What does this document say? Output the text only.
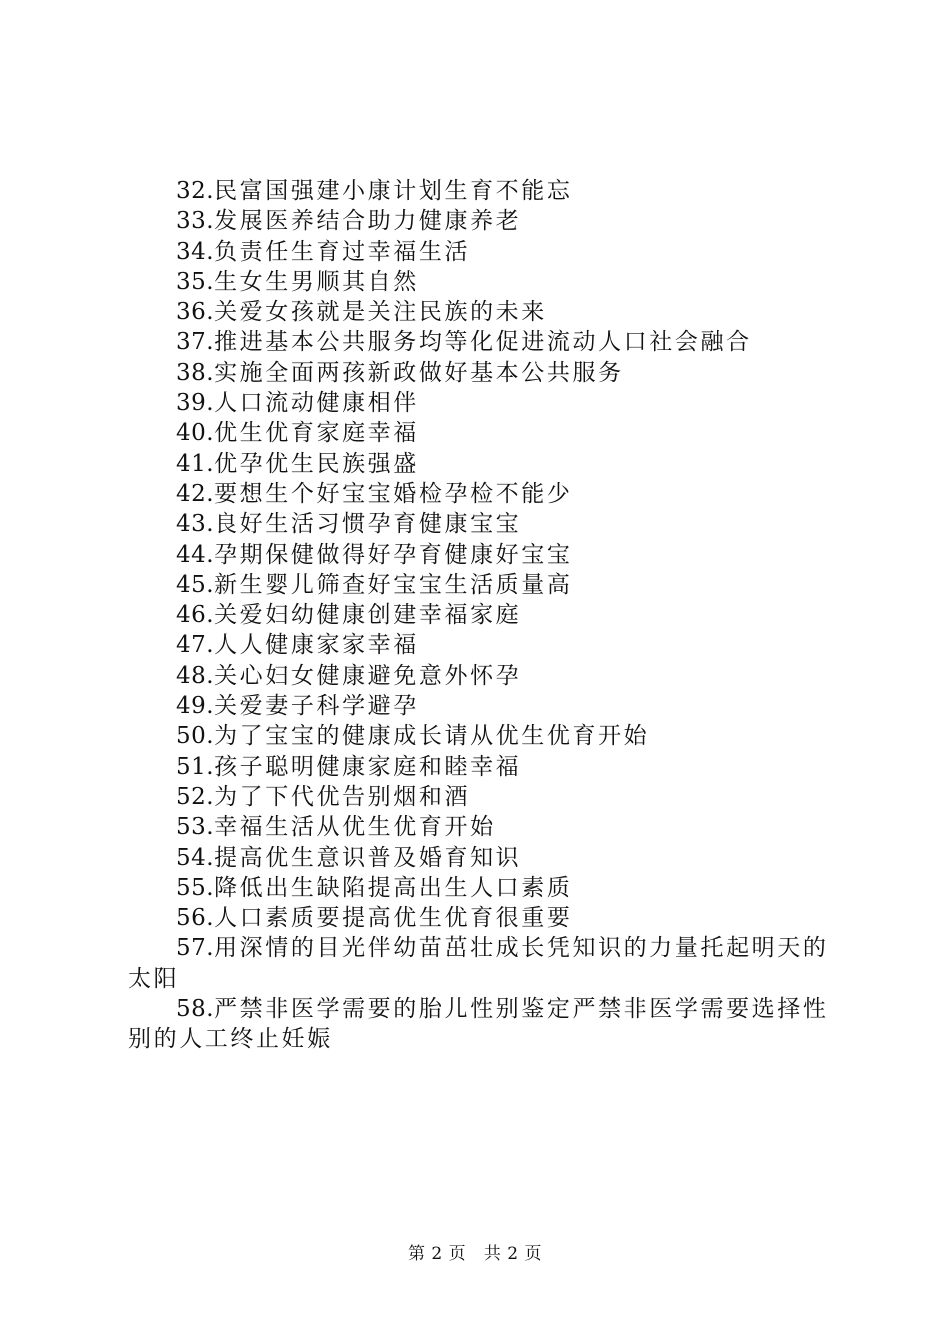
32.民富国强建小康计划生育不能忘
33.发展医养结合助力健康养老
34.负责任生育过幸福生活
35.生女生男顺其自然
36.关爱女孩就是关注民族的未来
37.推进基本公共服务均等化促进流动人口社会融合
38.实施全面两孩新政做好基本公共服务
39.人口流动健康相伴
40.优生优育家庭幸福
41.优孕优生民族强盛
42.要想生个好宝宝婚检孕检不能少
43.良好生活习惯孕育健康宝宝
44.孕期保健做得好孕育健康好宝宝
45.新生婴儿筛查好宝宝生活质量高
46.关爱妇幼健康创建幸福家庭
47.人人健康家家幸福
48.关心妇女健康避免意外怀孕
49.关爱妻子科学避孕
50.为了宝宝的健康成长请从优生优育开始
51.孩子聪明健康家庭和睦幸福
52.为了下代优告别烟和酒
53.幸福生活从优生优育开始
54.提高优生意识普及婚育知识
55.降低出生缺陷提高出生人口素质
56.人口素质要提高优生优育很重要
57.用深情的目光伴幼苗茁壮成长凭知识的力量托起明天的太阳
58.严禁非医学需要的胎儿性别鉴定严禁非医学需要选择性别的人工终止妊娠
第 2 页 共 2 页
